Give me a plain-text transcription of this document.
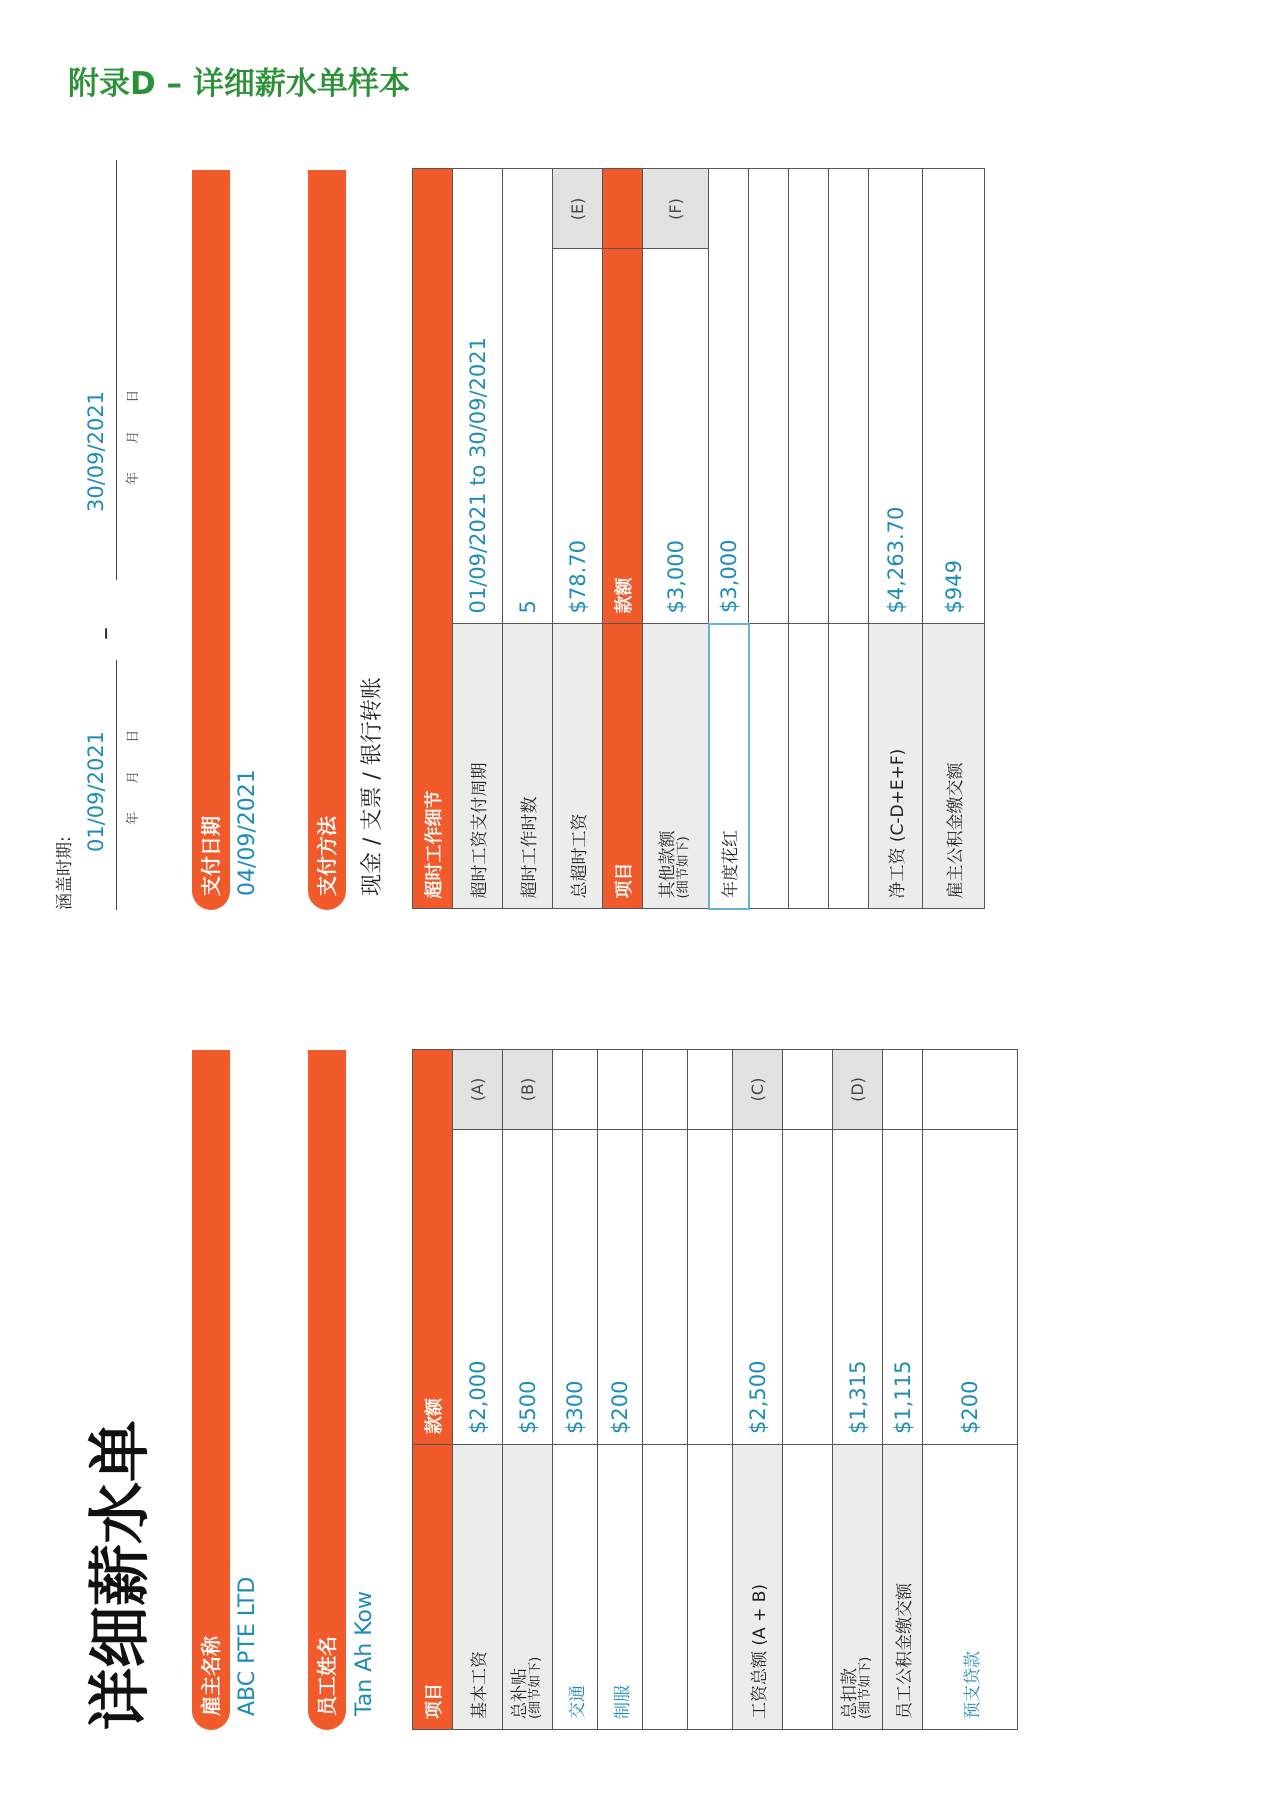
附录D – 详细薪水单样本
详细薪水单	雇主名称 ABC PTE LTD	员工姓名 Tan Ah Kow
涵盖时期:
01/09/2021	年 月 日
–
30/09/2021	年 月 日
支付日期 04/09/2021	支付方法 现金 / 支票 / 银行转账
项目	款额	
基本工资	$2,000	(A)
总补贴
(细节如下)	$500	(B)
交通	$300	
制服	$200	

工资总额 (A + B)	$2,500	(C)

总扣款
(细节如下)	$1,315	(D)
员工公积金缴交额	$1,115	
预支贷款	$200	
超时工作细节		
超时工资支付周期	01/09/2021 to 30/09/2021	
超时工作时数	5	
总超时工资	$78.70	(E)
项目	款额	
其他款额
(细节如下)	$3,000	(F)
年度花红	$3,000	

净工资 (C-D+E+F)	$4,263.70	
雇主公积金缴交额	$949	
